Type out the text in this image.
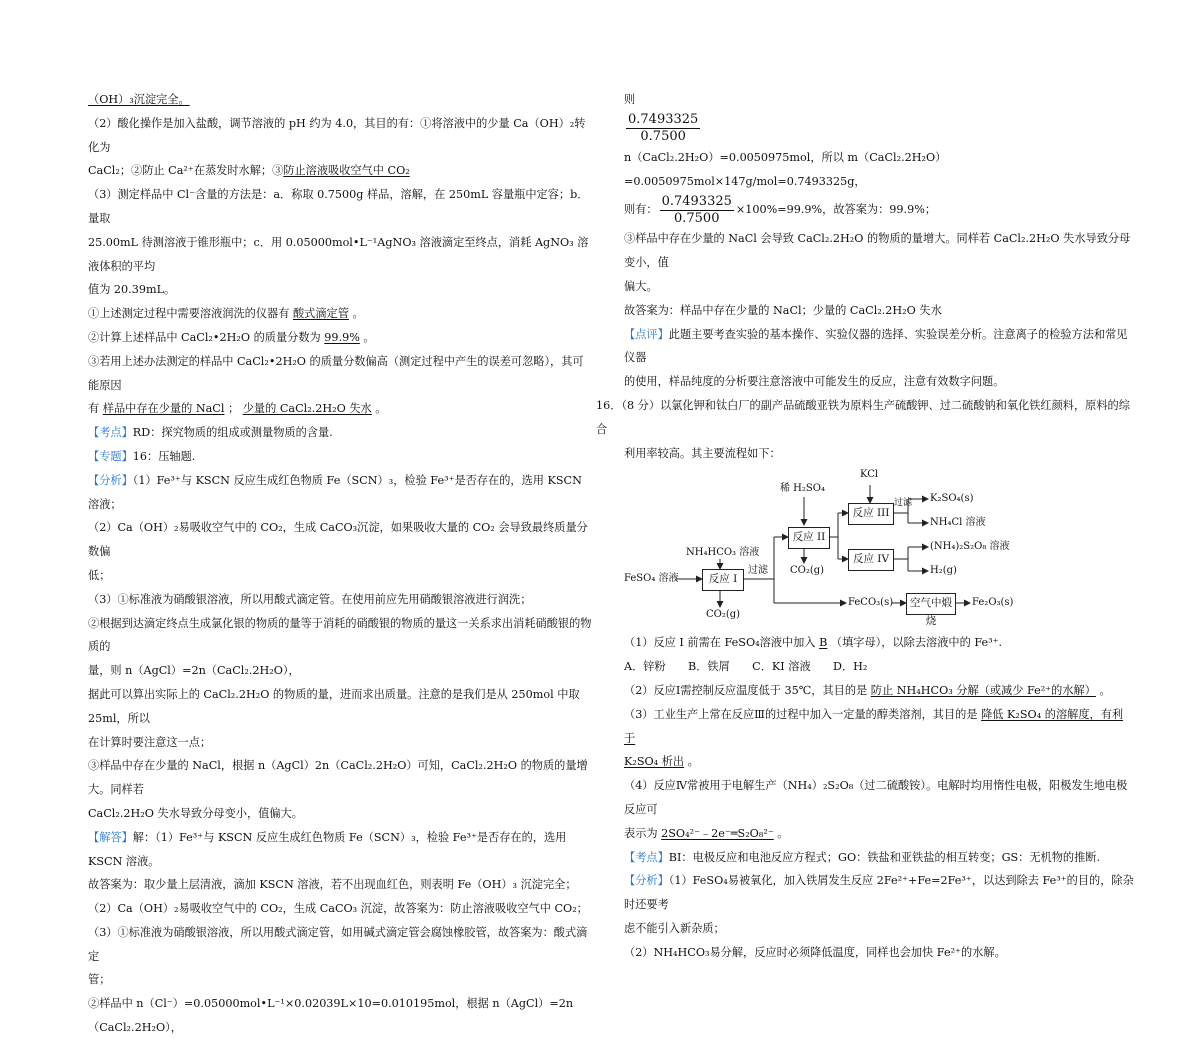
（OH）₃沉淀完全。

（2）酸化操作是加入盐酸，调节溶液的 pH 约为 4.0，其目的有：①将溶液中的少量 Ca（OH）₂转化为

CaCl₂；②防止 Ca²⁺在蒸发时水解；③防止溶液吸收空气中 CO₂

（3）测定样品中 Cl⁻含量的方法是：a．称取 0.7500g 样品，溶解，在 250mL 容量瓶中定容；b．量取

25.00mL 待测溶液于锥形瓶中；c．用 0.05000mol•L⁻¹AgNO₃ 溶液滴定至终点，消耗 AgNO₃ 溶液体积的平均

值为 20.39mL。

①上述测定过程中需要溶液润洗的仪器有 酸式滴定管 。

②计算上述样品中 CaCl₂•2H₂O 的质量分数为 99.9% 。

③若用上述办法测定的样品中 CaCl₂•2H₂O 的质量分数偏高（测定过程中产生的误差可忽略），其可能原因

有 样品中存在少量的 NaCl ； 少量的 CaCl₂.2H₂O 失水 。

【考点】RD：探究物质的组成或测量物质的含量.

【专题】16：压轴题.

【分析】（1）Fe³⁺与 KSCN 反应生成红色物质 Fe（SCN）₃，检验 Fe³⁺是否存在的，选用 KSCN 溶液；

（2）Ca（OH）₂易吸收空气中的 CO₂，生成 CaCO₃沉淀，如果吸收大量的 CO₂ 会导致最终质量分数偏

低；

（3）①标准液为硝酸银溶液，所以用酸式滴定管。在使用前应先用硝酸银溶液进行润洗；

②根据到达滴定终点生成氯化银的物质的量等于消耗的硝酸银的物质的量这一关系求出消耗硝酸银的物质的

量，则 n（AgCl）=2n（CaCl₂.2H₂O），

据此可以算出实际上的 CaCl₂.2H₂O 的物质的量，进而求出质量。注意的是我们是从 250mol 中取 25ml，所以

在计算时要注意这一点；

③样品中存在少量的 NaCl，根据 n（AgCl）2n（CaCl₂.2H₂O）可知，CaCl₂.2H₂O 的物质的量增大。同样若

CaCl₂.2H₂O 失水导致分母变小，值偏大。

【解答】解：（1）Fe³⁺与 KSCN 反应生成红色物质 Fe（SCN）₃，检验 Fe³⁺是否存在的，选用 KSCN 溶液。

故答案为：取少量上层清液，滴加 KSCN 溶液，若不出现血红色，则表明 Fe（OH）₃ 沉淀完全；

（2）Ca（OH）₂易吸收空气中的 CO₂，生成 CaCO₃ 沉淀，故答案为：防止溶液吸收空气中 CO₂；

（3）①标准液为硝酸银溶液，所以用酸式滴定管，如用碱式滴定管会腐蚀橡胶管，故答案为：酸式滴定

管；

②样品中 n（Cl⁻）=0.05000mol•L⁻¹×0.02039L×10=0.010195mol，根据 n（AgCl）=2n（CaCl₂.2H₂O），

则

$\frac{0.7493325}{0.7500}$

n（CaCl₂.2H₂O）=0.0050975mol，所以 m（CaCl₂.2H₂O）=0.0050975mol×147g/mol=0.7493325g，

则有： $\frac{0.7493325}{0.7500} \times 100\%=99.9\%$，故答案为：99.9%；

③样品中存在少量的 NaCl 会导致 CaCl₂.2H₂O 的物质的量增大。同样若 CaCl₂.2H₂O 失水导致分母变小，值

偏大。

故答案为：样品中存在少量的 NaCl；少量的 CaCl₂.2H₂O 失水

【点评】此题主要考查实验的基本操作、实验仪器的选择、实验误差分析。注意离子的检验方法和常见仪器

的使用，样品纯度的分析要注意溶液中可能发生的反应，注意有效数字问题。

16．（8 分）以氯化钾和钛白厂的副产品硫酸亚铁为原料生产硫酸钾、过二硫酸钠和氧化铁红颜料，原料的综合

利用率较高。其主要流程如下：

KCl
稀 H₂SO₄
NH₄HCO₃ 溶液
FeSO₄ 溶液	反应 I
反应 II
反应 III
反应 IV
空气中煅烧
过滤
过滤
CO₂(g)
CO₂(g)
K₂SO₄(s)
NH₄Cl 溶液
(NH₄)₂S₂O₈ 溶液
H₂(g)
FeCO₃(s)	Fe₂O₃(s)

（1）反应 I 前需在 FeSO₄溶液中加入 B （填字母），以除去溶液中的 Fe³⁺.

A．锌粉　　B．铁屑　　C．KI 溶液　　D．H₂

（2）反应Ⅰ需控制反应温度低于 35℃，其目的是 防止 NH₄HCO₃ 分解（或减少 Fe²⁺的水解） 。

（3）工业生产上常在反应Ⅲ的过程中加入一定量的醇类溶剂，其目的是 降低 K₂SO₄ 的溶解度，有利于

K₂SO₄ 析出 。

（4）反应Ⅳ常被用于电解生产（NH₄）₂S₂O₈（过二硫酸铵）。电解时均用惰性电极，阳极发生地电极反应可

表示为 2SO₄²⁻﹣2e⁻═S₂O₈²⁻ 。

【考点】BI：电极反应和电池反应方程式；GO：铁盐和亚铁盐的相互转变；GS：无机物的推断.

【分析】（1）FeSO₄易被氧化，加入铁屑发生反应 2Fe²⁺+Fe=2Fe³⁺，以达到除去 Fe³⁺的目的，除杂时还要考

虑不能引入新杂质；

（2）NH₄HCO₃易分解，反应时必须降低温度，同样也会加快 Fe²⁺的水解。
